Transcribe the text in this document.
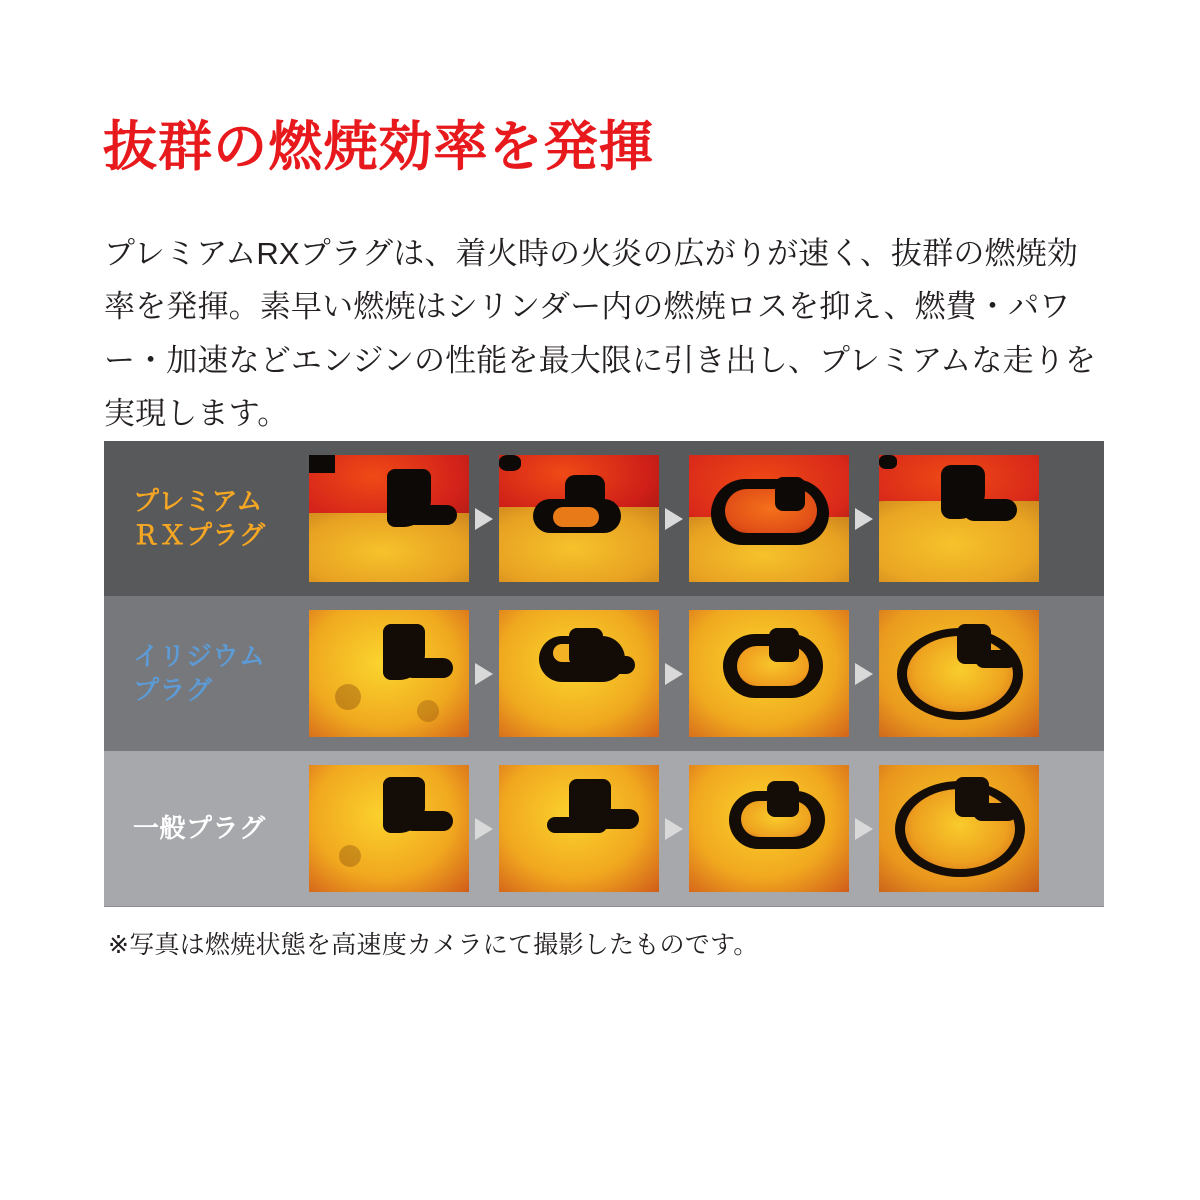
抜群の燃焼効率を発揮

プレミアムRXプラグは、着火時の火炎の広がりが速く、抜群の燃焼効率を発揮。素早い燃焼はシリンダー内の燃焼ロスを抑え、燃費・パワー・加速などエンジンの性能を最大限に引き出し、プレミアムな走りを実現します。

プレミアム
ＲＸプラグ
イリジウム
プラグ
一般プラグ
※写真は燃焼状態を高速度カメラにて撮影したものです。
